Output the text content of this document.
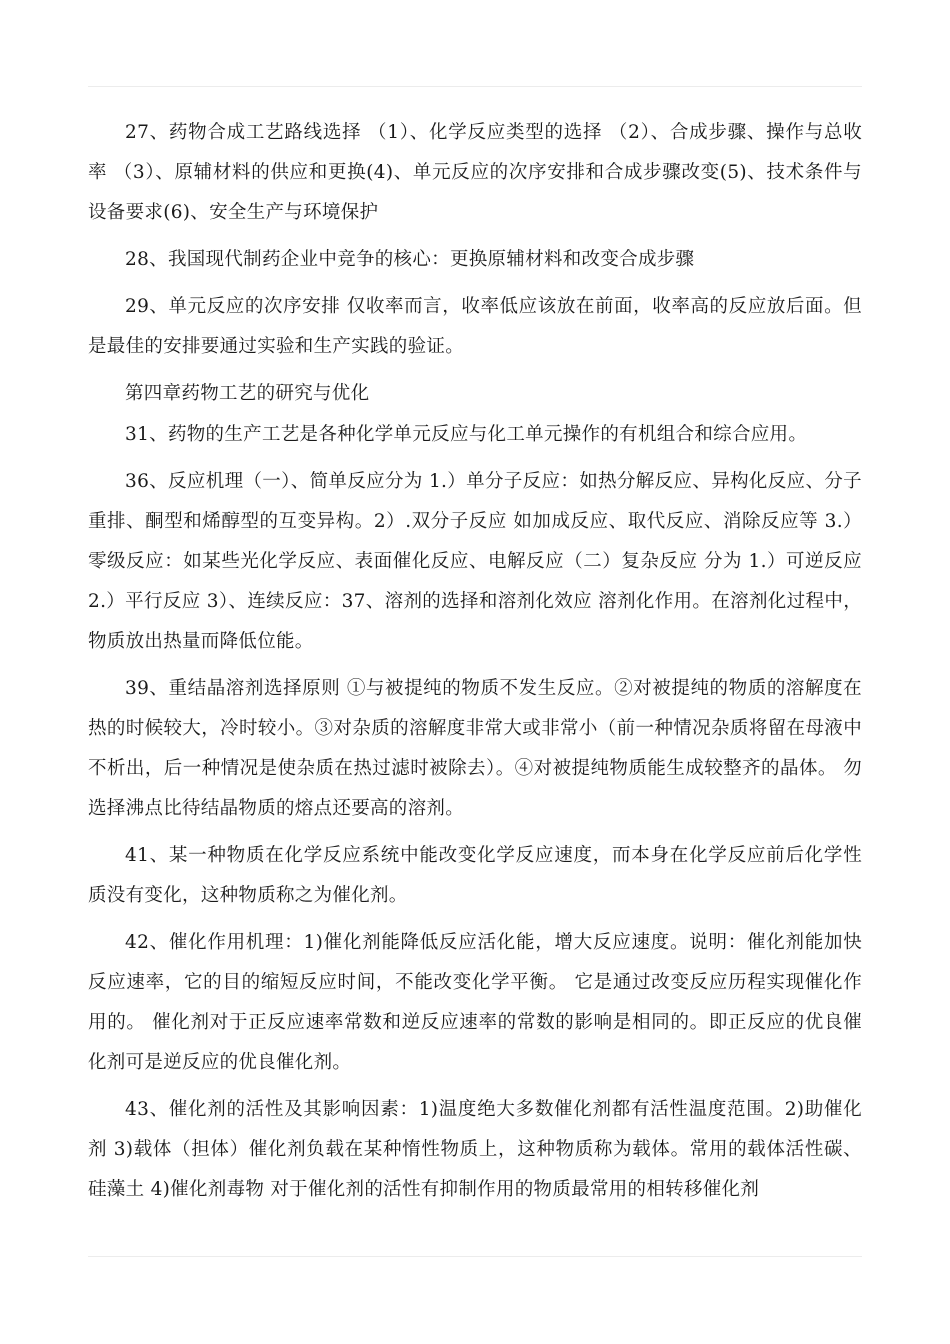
27、药物合成工艺路线选择 （1）、化学反应类型的选择 （2）、合成步骤、操作与总收率 （3）、原辅材料的供应和更换(4)、单元反应的次序安排和合成步骤改变(5)、技术条件与设备要求(6)、安全生产与环境保护

28、我国现代制药企业中竞争的核心：更换原辅材料和改变合成步骤

29、单元反应的次序安排 仅收率而言，收率低应该放在前面，收率高的反应放后面。但是最佳的安排要通过实验和生产实践的验证。

第四章药物工艺的研究与优化

31、药物的生产工艺是各种化学单元反应与化工单元操作的有机组合和综合应用。

36、反应机理（一）、简单反应分为 1.）单分子反应：如热分解反应、异构化反应、分子重排、酮型和烯醇型的互变异构。2）.双分子反应 如加成反应、取代反应、消除反应等 3.）零级反应：如某些光化学反应、表面催化反应、电解反应（二）复杂反应 分为 1.）可逆反应 2.）平行反应 3）、连续反应：37、溶剂的选择和溶剂化效应 溶剂化作用。在溶剂化过程中，物质放出热量而降低位能。

39、重结晶溶剂选择原则 ①与被提纯的物质不发生反应。②对被提纯的物质的溶解度在热的时候较大，冷时较小。③对杂质的溶解度非常大或非常小（前一种情况杂质将留在母液中不析出，后一种情况是使杂质在热过滤时被除去）。④对被提纯物质能生成较整齐的晶体。 勿选择沸点比待结晶物质的熔点还要高的溶剂。

41、某一种物质在化学反应系统中能改变化学反应速度，而本身在化学反应前后化学性质没有变化，这种物质称之为催化剂。

42、催化作用机理：1)催化剂能降低反应活化能，增大反应速度。说明：催化剂能加快反应速率，它的目的缩短反应时间，不能改变化学平衡。 它是通过改变反应历程实现催化作用的。 催化剂对于正反应速率常数和逆反应速率的常数的影响是相同的。即正反应的优良催化剂可是逆反应的优良催化剂。

43、催化剂的活性及其影响因素：1)温度绝大多数催化剂都有活性温度范围。2)助催化剂 3)载体（担体）催化剂负载在某种惰性物质上，这种物质称为载体。常用的载体活性碳、硅藻土 4)催化剂毒物 对于催化剂的活性有抑制作用的物质最常用的相转移催化剂
